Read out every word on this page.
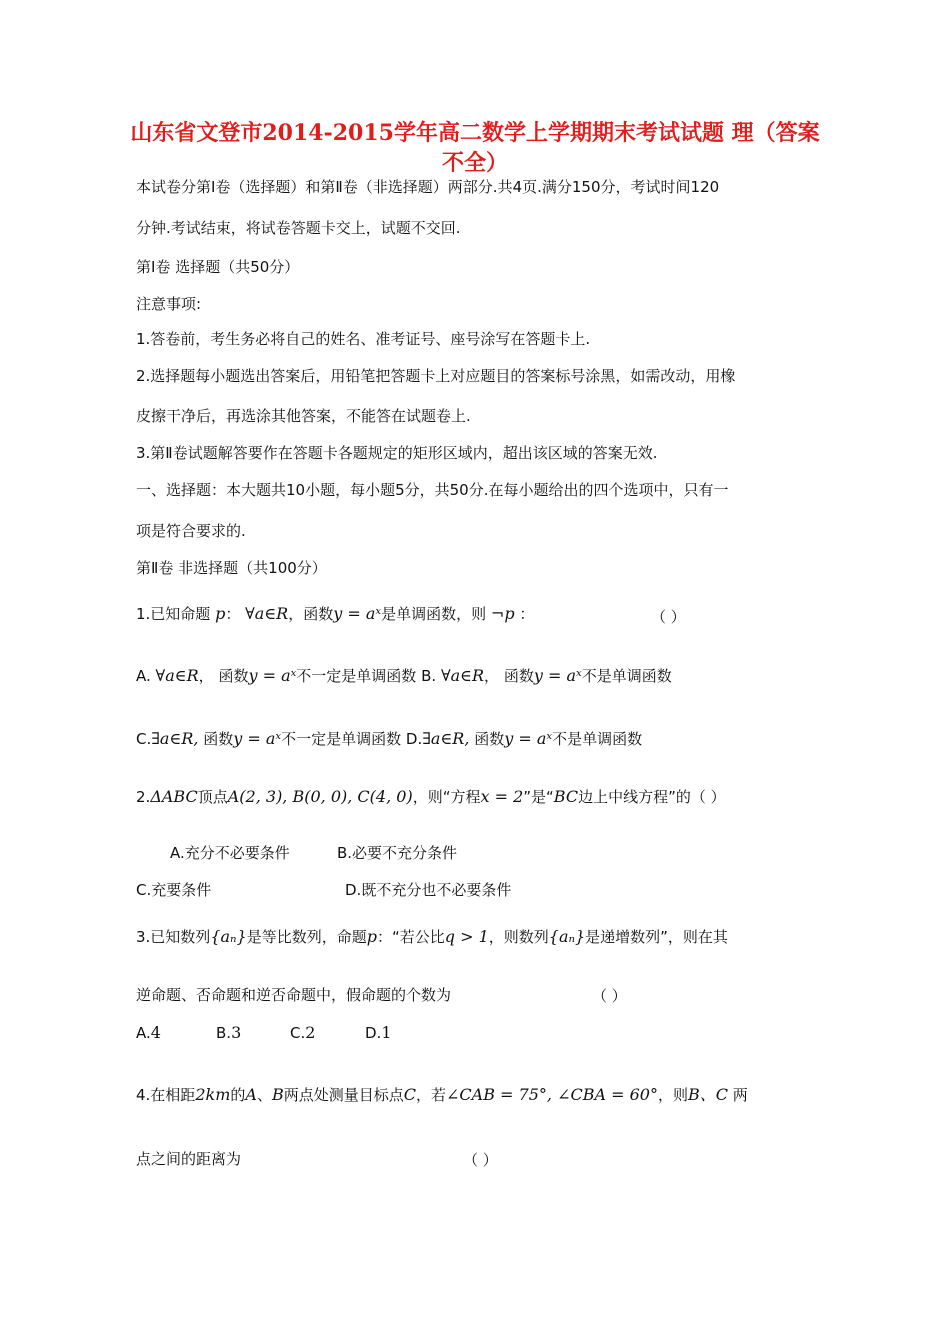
山东省文登市2014-2015学年高二数学上学期期末考试试题 理（答案不全）
本试卷分第Ⅰ卷（选择题）和第Ⅱ卷（非选择题）两部分.共4页.满分150分，考试时间120
分钟.考试结束，将试卷答题卡交上，试题不交回.
第Ⅰ卷 选择题（共50分）
注意事项:
1.答卷前，考生务必将自己的姓名、准考证号、座号涂写在答题卡上.
2.选择题每小题选出答案后，用铅笔把答题卡上对应题目的答案标号涂黑，如需改动，用橡
皮擦干净后，再选涂其他答案，不能答在试题卷上.
3.第Ⅱ卷试题解答要作在答题卡各题规定的矩形区域内，超出该区域的答案无效.
一、选择题：本大题共10小题，每小题5分，共50分.在每小题给出的四个选项中，只有一
项是符合要求的.
第Ⅱ卷 非选择题（共100分）
1.已知命题 p： ∀a∈R，函数y = aˣ是单调函数，则 ¬p ：	（ ）
A. ∀a∈R， 函数y = aˣ不一定是单调函数 B. ∀a∈R， 函数y = aˣ不是单调函数
C.∃a∈R, 函数y = aˣ不一定是单调函数 D.∃a∈R, 函数y = aˣ不是单调函数
2.ΔABC顶点A(2, 3), B(0, 0), C(4, 0)，则“方程x = 2”是“BC边上中线方程”的（ ）
A.充分不必要条件	B.必要不充分条件
C.充要条件	D.既不充分也不必要条件
3.已知数列{aₙ}是等比数列，命题p：“若公比q > 1，则数列{aₙ}是递增数列”，则在其
逆命题、否命题和逆否命题中，假命题的个数为	（ ）
A.4	B.3	C.2	D.1
4.在相距2km的A、B两点处测量目标点C，若∠CAB = 75°, ∠CBA = 60°，则B、C 两
点之间的距离为	（ ）
